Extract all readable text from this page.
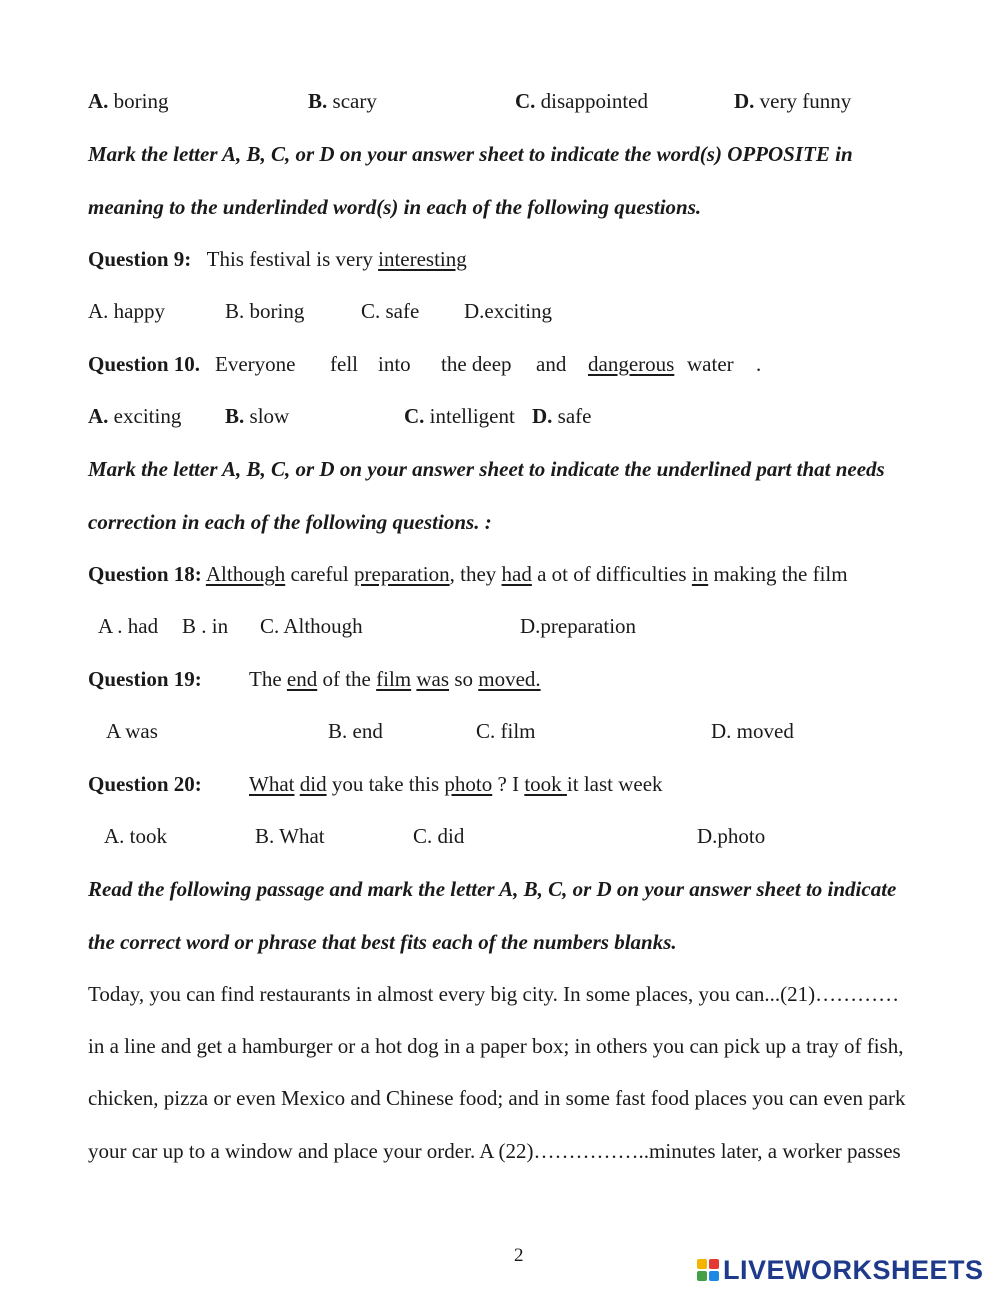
A. boring	B. scary	C. disappointed	D. very funny
Mark the letter A, B, C, or D on your answer sheet to indicate the word(s) OPPOSITE in
meaning to the underlinded word(s) in each of the following questions.
Question 9: This festival is very interesting
A. happy	B. boring	C. safe D.exciting
Question 10. Everyone fell into the deep and dangerous water .
A. exciting B. slow	C. intelligent D. safe
Mark the letter A, B, C, or D on your answer sheet to indicate the underlined part that needs
correction in each of the following questions. :
Question 18: Although careful preparation, they had a ot of difficulties in making the film
A . had B . in C. Although	D.preparation
Question 19: The end of the film was so moved.
A was	B. end	C. film	D. moved
Question 20: What did you take this photo ? I took it last week
A. took	B. What	C. did	D.photo
Read the following passage and mark the letter A, B, C, or D on your answer sheet to indicate
the correct word or phrase that best fits each of the numbers blanks.
Today, you can find restaurants in almost every big city. In some places, you can...(21)…………
in a line and get a hamburger or a hot dog in a paper box; in others you can pick up a tray of fish,
chicken, pizza or even Mexico and Chinese food; and in some fast food places you can even park
your car up to a window and place your order. A (22)……………..minutes later, a worker passes
2	LIVEWORKSHEETS
